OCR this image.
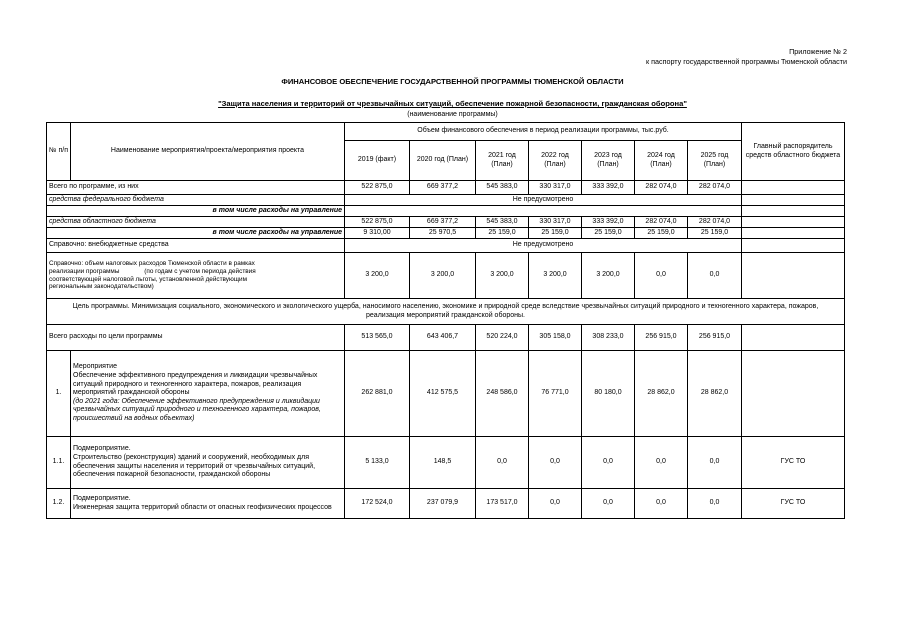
Приложение № 2
к паспорту государственной программы Тюменской области
ФИНАНСОВОЕ ОБЕСПЕЧЕНИЕ ГОСУДАРСТВЕННОЙ ПРОГРАММЫ ТЮМЕНСКОЙ ОБЛАСТИ
"Защита населения и территорий от чрезвычайных ситуаций, обеспечение пожарной безопасности, гражданская оборона"
(наименование программы)
№ п/п	Наименование мероприятия/проекта/мероприятия проекта	Объем финансового обеспечения в период реализации программы, тыс.руб.							Главный распорядитель средств областного бюджета
		2019 (факт)	2020 год (План)	2021 год (План)	2022 год (План)	2023 год (План)	2024 год (План)	2025 год (План)	
Всего по программе, из них		522 875,0	669 377,2	545 383,0	330 317,0	333 392,0	282 074,0	282 074,0	
средства федерального бюджета		Не предусмотрено							
в том числе расходы на управление									
средства областного бюджета		522 875,0	669 377,2	545 383,0	330 317,0	333 392,0	282 074,0	282 074,0	
в том числе расходы на управление		9 310,00	25 970,5	25 159,0	25 159,0	25 159,0	25 159,0	25 159,0	
Справочно: внебюджетные средства		Не предусмотрено							

Справочно: объем налоговых расходов Тюменской области в рамках
реализации программы              (по годам с учетом периода действия
соответствующей налоговой льготы, установленной действующим
региональным законодательством)		3 200,0	3 200,0	3 200,0	3 200,0	3 200,0	0,0	0,0	
Цель программы. Минимизация социального, экономического и экологического ущерба, наносимого населению, экономике и природной среде вследствие чрезвычайных ситуаций природного и техногенного характера, пожаров, реализация мероприятий гражданской обороны.									
Всего расходы по цели программы		513 565,0	643 406,7	520 224,0	305 158,0	308 233,0	256 915,0	256 915,0	
1.	Мероприятие
Обеспечение эффективного предупреждения и ликвидации чрезвычайных ситуаций природного и техногенного характера, пожаров, реализация мероприятий гражданской обороны
(до 2021 года: Обеспечение эффективного предупреждения и ликвидации чрезвычайных ситуаций природного и техногенного характера, пожаров, происшествий на водных объектах)	262 881,0	412 575,5	248 586,0	76 771,0	80 180,0	28 862,0	28 862,0	
1.1.	Подмероприятие.
Строительство (реконструкция) зданий и сооружений, необходимых для обеспечения защиты населения и территорий от чрезвычайных ситуаций, обеспечения пожарной безопасности, гражданской обороны	5 133,0	148,5	0,0	0,0	0,0	0,0	0,0	ГУС ТО
1.2.	Подмероприятие.
Инженерная защита территорий области от опасных геофизических процессов	172 524,0	237 079,9	173 517,0	0,0	0,0	0,0	0,0	ГУС ТО
